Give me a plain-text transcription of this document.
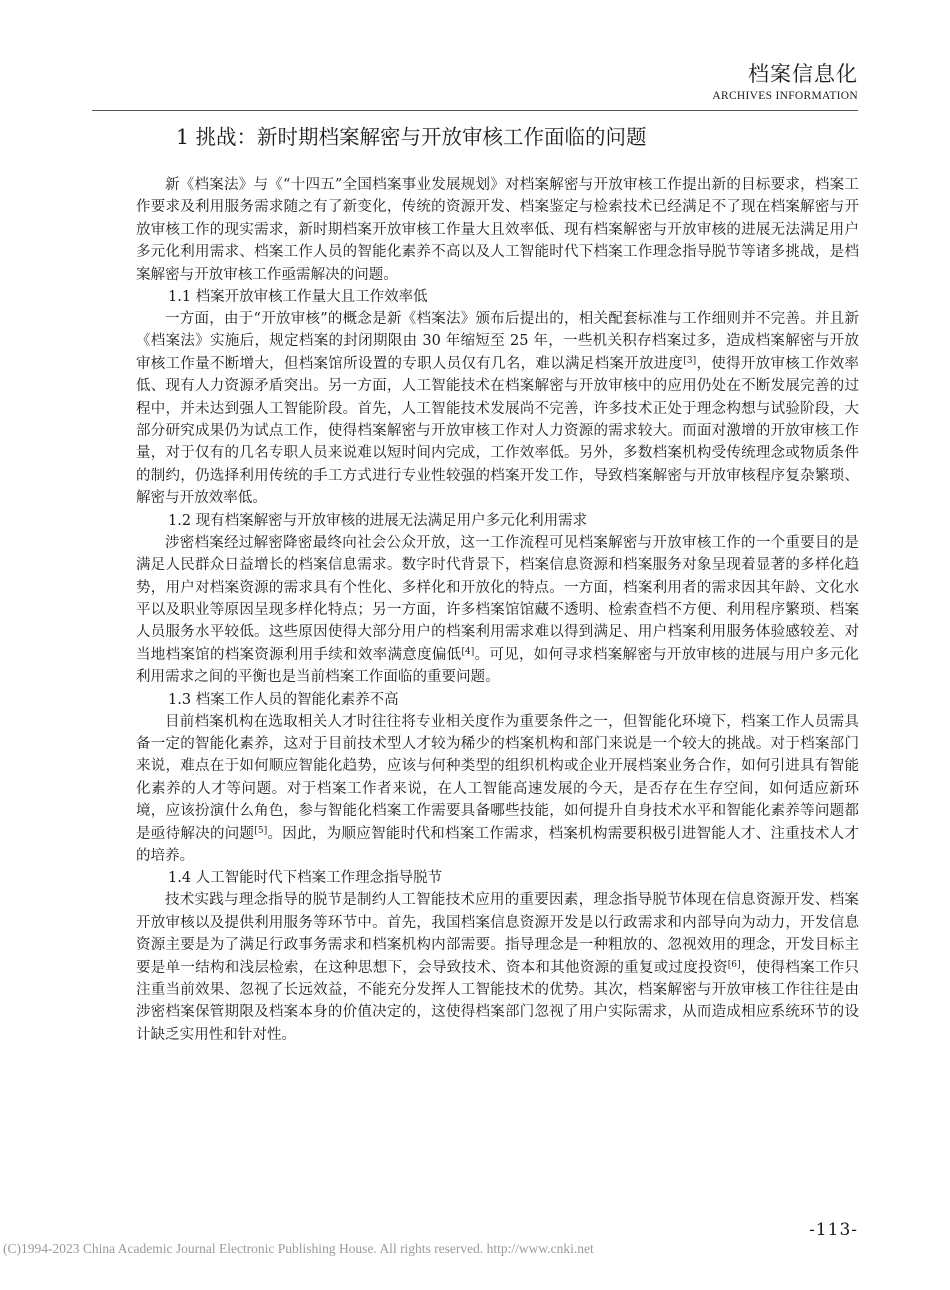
档案信息化
ARCHIVES INFORMATION
1 挑战：新时期档案解密与开放审核工作面临的问题

新《档案法》与《“十四五”全国档案事业发展规划》对档案解密与开放审核工作提出新的目标要求，档案工作要求及利用服务需求随之有了新变化，传统的资源开发、档案鉴定与检索技术已经满足不了现在档案解密与开放审核工作的现实需求，新时期档案开放审核工作量大且效率低、现有档案解密与开放审核的进展无法满足用户多元化利用需求、档案工作人员的智能化素养不高以及人工智能时代下档案工作理念指导脱节等诸多挑战，是档案解密与开放审核工作亟需解决的问题。

1.1 档案开放审核工作量大且工作效率低

一方面，由于“开放审核”的概念是新《档案法》颁布后提出的，相关配套标准与工作细则并不完善。并且新《档案法》实施后，规定档案的封闭期限由 30 年缩短至 25 年，一些机关积存档案过多，造成档案解密与开放审核工作量不断增大，但档案馆所设置的专职人员仅有几名，难以满足档案开放进度[3]，使得开放审核工作效率低、现有人力资源矛盾突出。另一方面，人工智能技术在档案解密与开放审核中的应用仍处在不断发展完善的过程中，并未达到强人工智能阶段。首先，人工智能技术发展尚不完善，许多技术正处于理念构想与试验阶段，大部分研究成果仍为试点工作，使得档案解密与开放审核工作对人力资源的需求较大。而面对激增的开放审核工作量，对于仅有的几名专职人员来说难以短时间内完成，工作效率低。另外，多数档案机构受传统理念或物质条件的制约，仍选择利用传统的手工方式进行专业性较强的档案开发工作，导致档案解密与开放审核程序复杂繁琐、解密与开放效率低。

1.2 现有档案解密与开放审核的进展无法满足用户多元化利用需求

涉密档案经过解密降密最终向社会公众开放，这一工作流程可见档案解密与开放审核工作的一个重要目的是满足人民群众日益增长的档案信息需求。数字时代背景下，档案信息资源和档案服务对象呈现着显著的多样化趋势，用户对档案资源的需求具有个性化、多样化和开放化的特点。一方面，档案利用者的需求因其年龄、文化水平以及职业等原因呈现多样化特点；另一方面，许多档案馆馆藏不透明、检索查档不方便、利用程序繁琐、档案人员服务水平较低。这些原因使得大部分用户的档案利用需求难以得到满足、用户档案利用服务体验感较差、对当地档案馆的档案资源利用手续和效率满意度偏低[4]。可见，如何寻求档案解密与开放审核的进展与用户多元化利用需求之间的平衡也是当前档案工作面临的重要问题。

1.3 档案工作人员的智能化素养不高

目前档案机构在选取相关人才时往往将专业相关度作为重要条件之一，但智能化环境下，档案工作人员需具备一定的智能化素养，这对于目前技术型人才较为稀少的档案机构和部门来说是一个较大的挑战。对于档案部门来说，难点在于如何顺应智能化趋势，应该与何种类型的组织机构或企业开展档案业务合作，如何引进具有智能化素养的人才等问题。对于档案工作者来说，在人工智能高速发展的今天，是否存在生存空间，如何适应新环境，应该扮演什么角色，参与智能化档案工作需要具备哪些技能，如何提升自身技术水平和智能化素养等问题都是亟待解决的问题[5]。因此，为顺应智能时代和档案工作需求，档案机构需要积极引进智能人才、注重技术人才的培养。

1.4 人工智能时代下档案工作理念指导脱节

技术实践与理念指导的脱节是制约人工智能技术应用的重要因素，理念指导脱节体现在信息资源开发、档案开放审核以及提供利用服务等环节中。首先，我国档案信息资源开发是以行政需求和内部导向为动力，开发信息资源主要是为了满足行政事务需求和档案机构内部需要。指导理念是一种粗放的、忽视效用的理念，开发目标主要是单一结构和浅层检索，在这种思想下，会导致技术、资本和其他资源的重复或过度投资[6]，使得档案工作只注重当前效果、忽视了长远效益，不能充分发挥人工智能技术的优势。其次，档案解密与开放审核工作往往是由涉密档案保管期限及档案本身的价值决定的，这使得档案部门忽视了用户实际需求，从而造成相应系统环节的设计缺乏实用性和针对性。

-113-
(C)1994-2023 China Academic Journal Electronic Publishing House. All rights reserved. http://www.cnki.net
